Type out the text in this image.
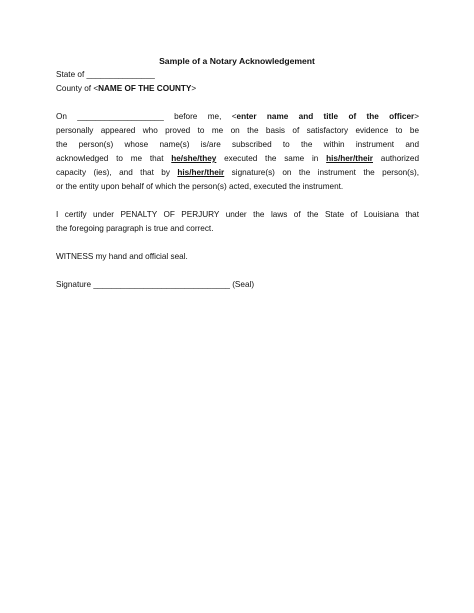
Sample of a Notary Acknowledgement
State of _______________
County of <NAME OF THE COUNTY>
On ___________________ before me, <enter name and title of the officer>
personally appeared who proved to me on the basis of satisfactory evidence to be
the person(s) whose name(s) is/are subscribed to the within instrument and
acknowledged to me that he/she/they executed the same in his/her/their authorized
capacity (ies), and that by his/her/their signature(s) on the instrument the person(s),
or the entity upon behalf of which the person(s) acted, executed the instrument.
I certify under PENALTY OF PERJURY under the laws of the State of Louisiana that
the foregoing paragraph is true and correct.
WITNESS my hand and official seal.
Signature ______________________________ (Seal)
